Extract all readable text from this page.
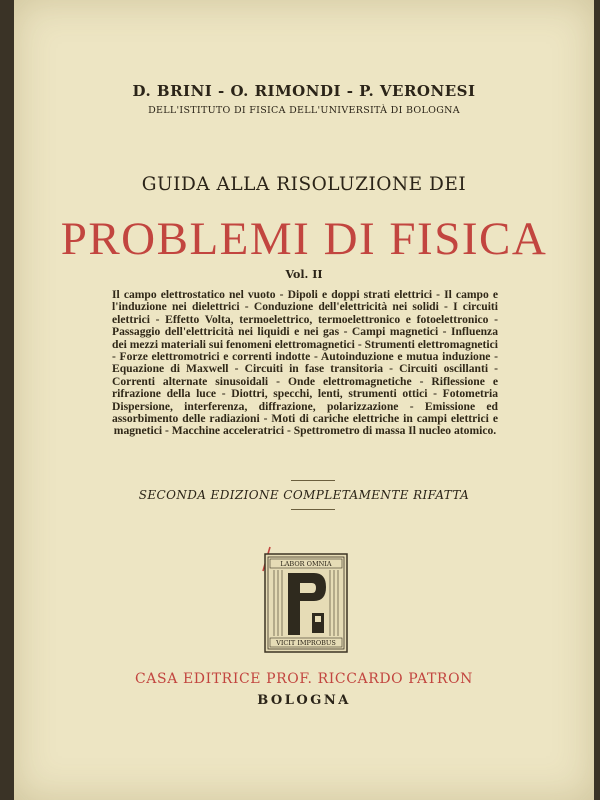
D. BRINI - O. RIMONDI - P. VERONESI
DELL'ISTITUTO DI FISICA DELL'UNIVERSITÀ DI BOLOGNA
GUIDA ALLA RISOLUZIONE DEI
PROBLEMI DI FISICA
Vol. II
Il campo elettrostatico nel vuoto - Dipoli e doppi strati elettrici - Il campo e l'induzione nei dielettrici - Conduzione dell'elettricità nei solidi - I circuiti elettrici - Effetto Volta, termoelettrico, termoelettronico e fotoelettronico - Passaggio dell'elettricità nei liquidi e nei gas - Campi magnetici - Influenza dei mezzi materiali sui fenomeni elettromagnetici - Strumenti elettromagnetici - Forze elettromotrici e correnti indotte - Autoinduzione e mutua induzione - Equazione di Maxwell - Circuiti in fase transitoria - Circuiti oscillanti - Correnti alternate sinusoidali - Onde elettromagnetiche - Riflessione e rifrazione della luce - Diottri, specchi, lenti, strumenti ottici - Fotometria Dispersione, interferenza, diffrazione, polarizzazione - Emissione ed assorbimento delle radiazioni - Moti di cariche elettriche in campi elettrici e magnetici - Macchine acceleratrici - Spettrometro di massa Il nucleo atomico.
SECONDA EDIZIONE COMPLETAMENTE RIFATTA
LABOR OMNIA
VICIT IMPROBUS
CASA EDITRICE PROF. RICCARDO PATRON
BOLOGNA
